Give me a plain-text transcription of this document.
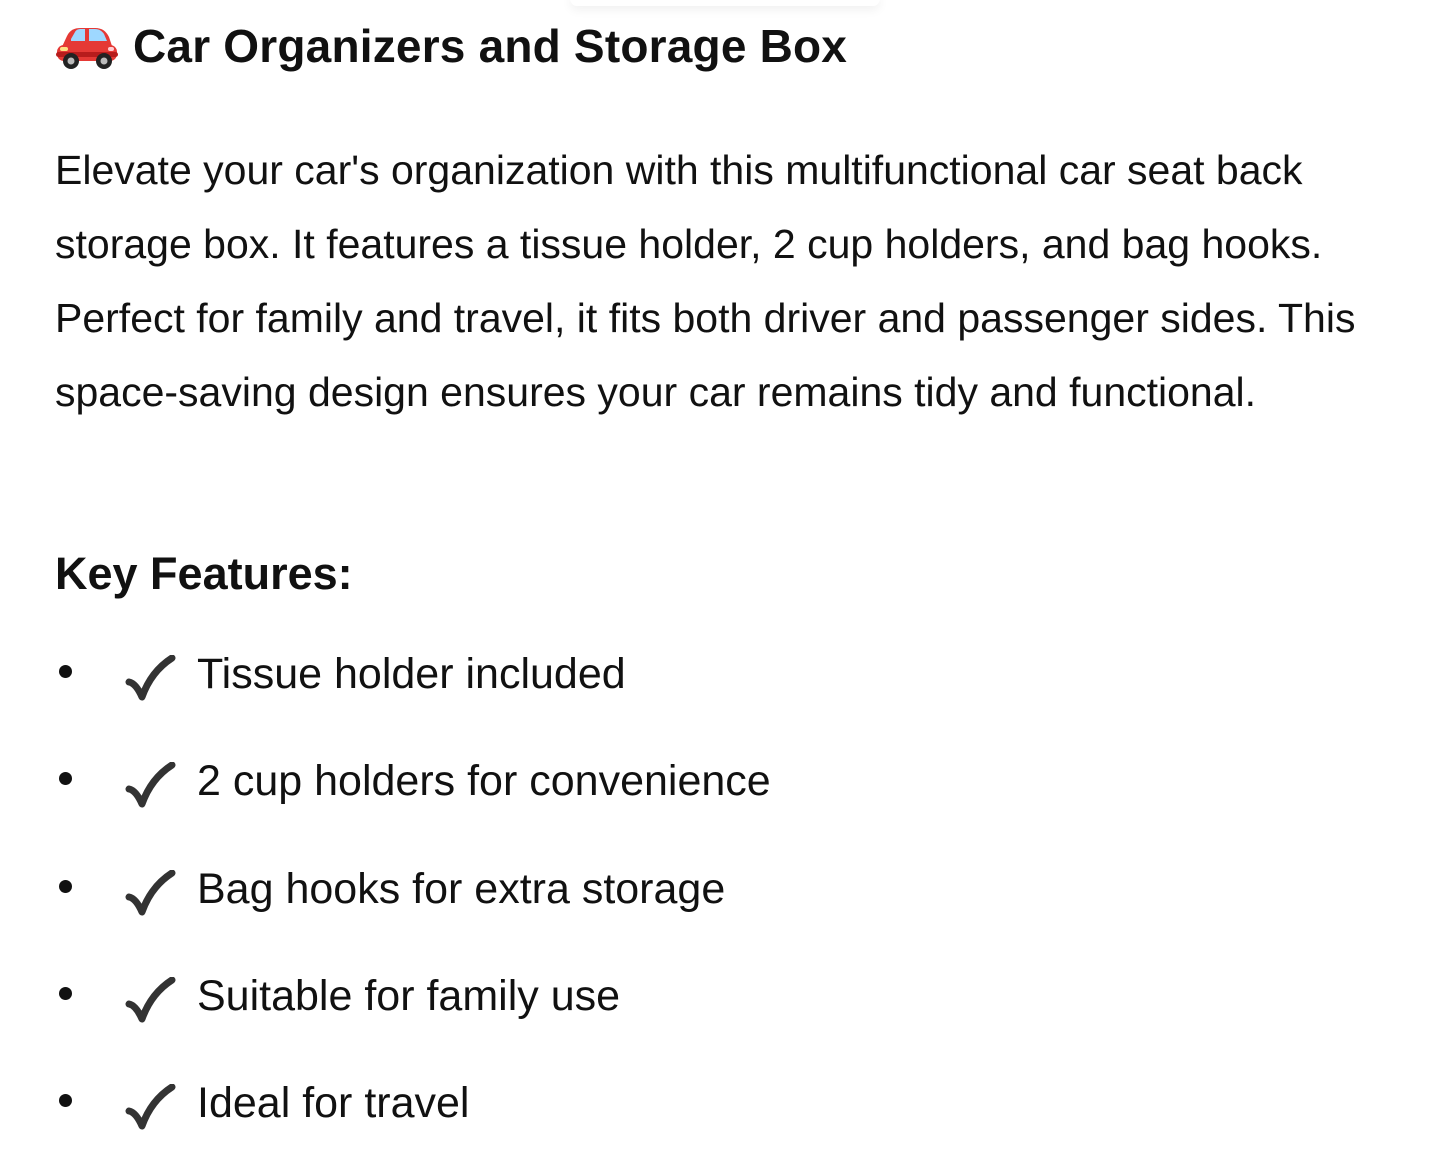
Car Organizers and Storage Box

Elevate your car's organization with this multifunctional car seat back storage box. It features a tissue holder, 2 cup holders, and bag hooks. Perfect for family and travel, it fits both driver and passenger sides. This space-saving design ensures your car remains tidy and functional.

Key Features:
Tissue holder included
2 cup holders for convenience
Bag hooks for extra storage
Suitable for family use
Ideal for travel
